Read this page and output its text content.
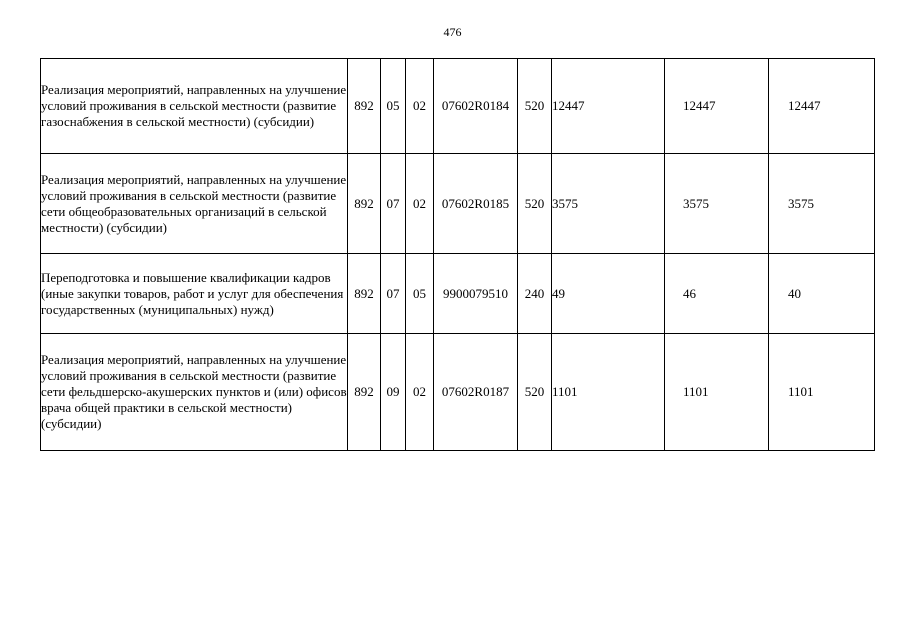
476
Реализация мероприятий, направленных на улучшение условий проживания в сельской местности (развитие газоснабжения в сельской местности) (субсидии)	892	05	02	07602R0184	520	12447	12447	12447
Реализация мероприятий, направленных на улучшение условий проживания в сельской местности (развитие сети общеобразовательных организаций в сельской местности) (субсидии)	892	07	02	07602R0185	520	3575	3575	3575
Переподготовка и повышение квалификации кадров (иные закупки товаров, работ и услуг для обеспечения государственных (муниципальных) нужд)	892	07	05	9900079510	240	49	46	40
Реализация мероприятий, направленных на улучшение условий проживания в сельской местности (развитие сети фельдшерско-акушерских пунктов и (или) офисов врача общей практики в сельской местности) (субсидии)	892	09	02	07602R0187	520	1101	1101	1101
